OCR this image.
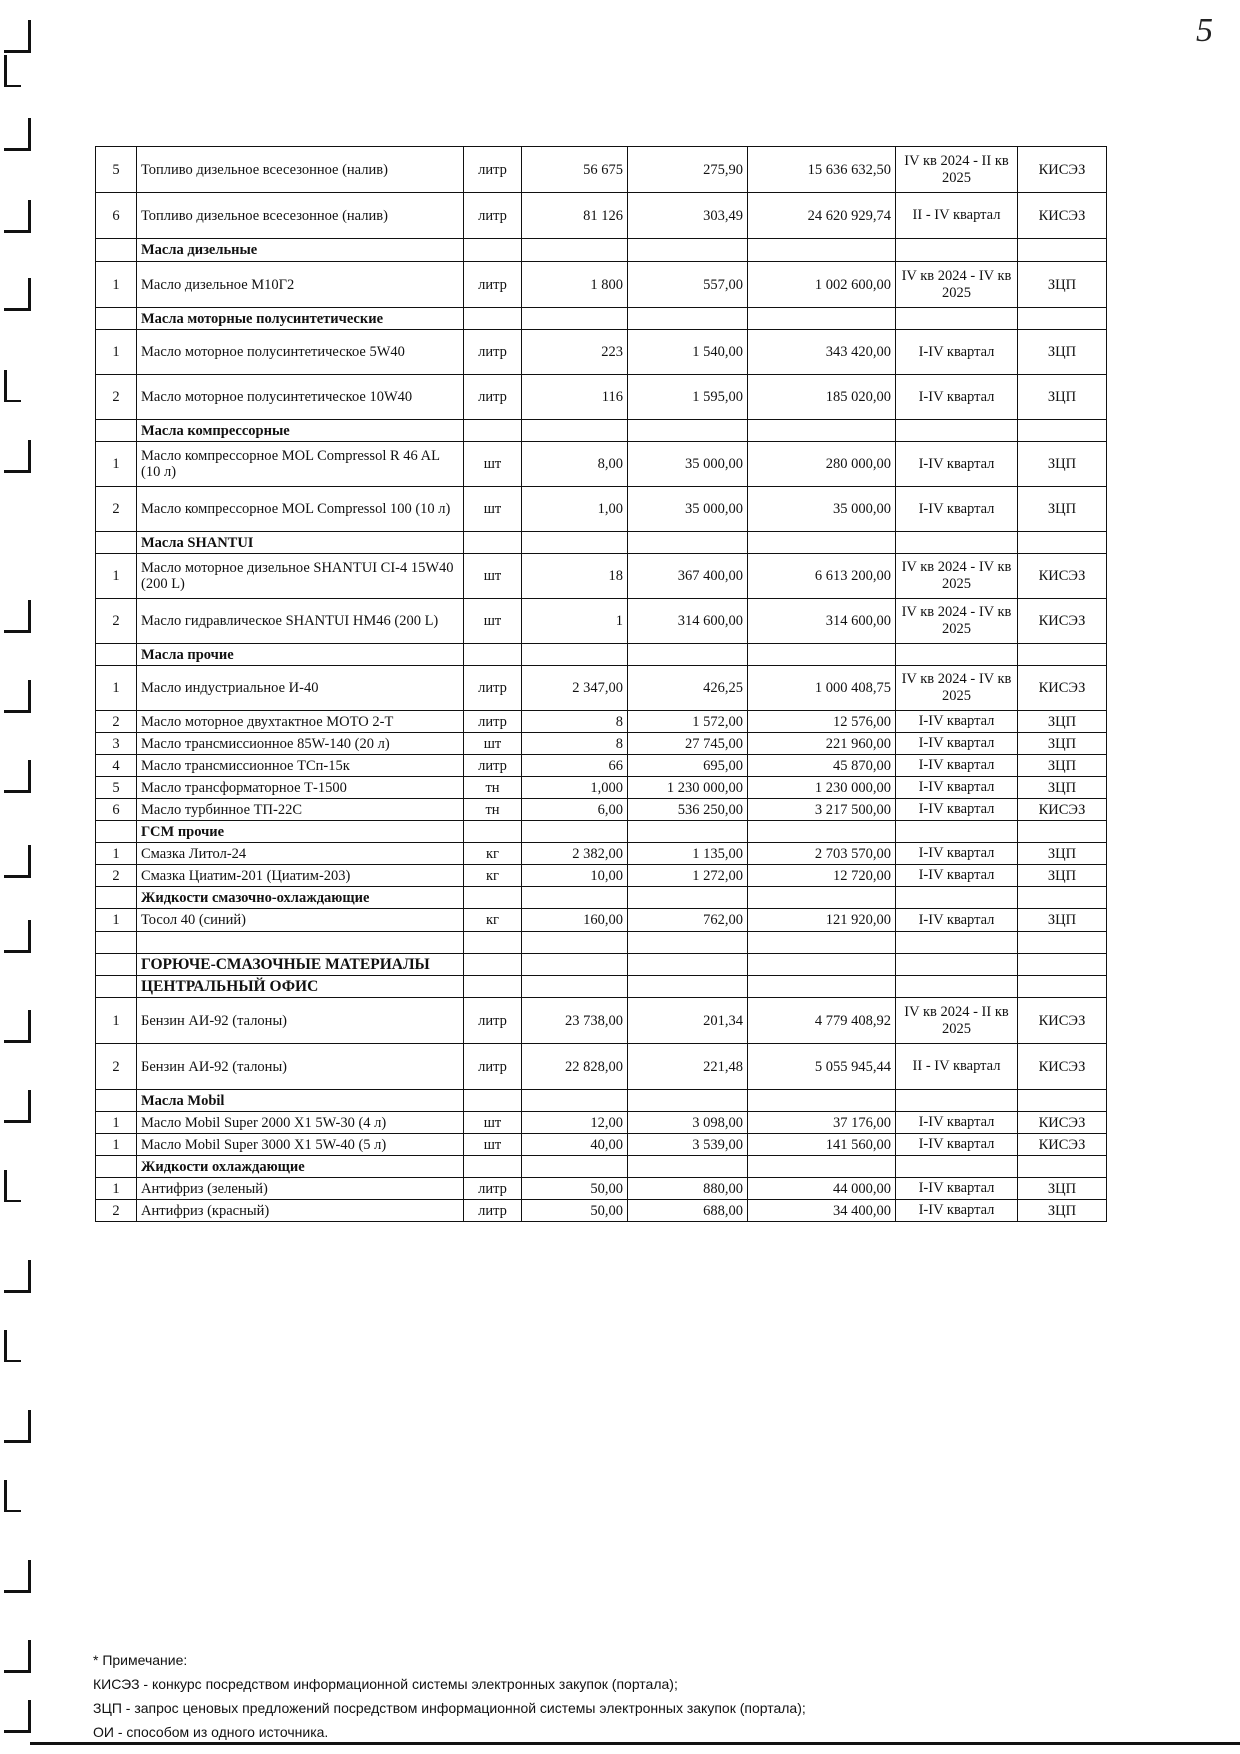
5
5	Топливо дизельное всесезонное (налив)	литр	56 675	275,90	15 636 632,50	IV кв 2024 - II кв 2025	КИСЭЗ
6	Топливо дизельное всесезонное (налив)	литр	81 126	303,49	24 620 929,74	II - IV квартал	КИСЭЗ
	Масла дизельные						
1	Масло дизельное М10Г2	литр	1 800	557,00	1 002 600,00	IV кв 2024 - IV кв 2025	ЗЦП
	Масла моторные полусинтетические						
1	Масло моторное полусинтетическое 5W40	литр	223	1 540,00	343 420,00	I-IV квартал	ЗЦП
2	Масло моторное полусинтетическое 10W40	литр	116	1 595,00	185 020,00	I-IV квартал	ЗЦП
	Масла компрессорные						
1	Масло компрессорное MOL Compressol R 46 AL (10 л)	шт	8,00	35 000,00	280 000,00	I-IV квартал	ЗЦП
2	Масло компрессорное MOL Compressol 100 (10 л)	шт	1,00	35 000,00	35 000,00	I-IV квартал	ЗЦП
	Масла SHANTUI						
1	Масло моторное дизельное SHANTUI CI-4 15W40 (200 L)	шт	18	367 400,00	6 613 200,00	IV кв 2024 - IV кв 2025	КИСЭЗ
2	Масло гидравлическое SHANTUI HM46 (200 L)	шт	1	314 600,00	314 600,00	IV кв 2024 - IV кв 2025	КИСЭЗ
	Масла прочие						
1	Масло индустриальное И-40	литр	2 347,00	426,25	1 000 408,75	IV кв 2024 - IV кв 2025	КИСЭЗ
2	Масло моторное двухтактное МОТО 2-Т	литр	8	1 572,00	12 576,00	I-IV квартал	ЗЦП
3	Масло трансмиссионное 85W-140 (20 л)	шт	8	27 745,00	221 960,00	I-IV квартал	ЗЦП
4	Масло трансмиссионное ТСп-15к	литр	66	695,00	45 870,00	I-IV квартал	ЗЦП
5	Масло трансформаторное Т-1500	тн	1,000	1 230 000,00	1 230 000,00	I-IV квартал	ЗЦП
6	Масло турбинное ТП-22С	тн	6,00	536 250,00	3 217 500,00	I-IV квартал	КИСЭЗ
	ГСМ прочие						
1	Смазка Литол-24	кг	2 382,00	1 135,00	2 703 570,00	I-IV квартал	ЗЦП
2	Смазка Циатим-201 (Циатим-203)	кг	10,00	1 272,00	12 720,00	I-IV квартал	ЗЦП
	Жидкости смазочно-охлаждающие						
1	Тосол 40 (синий)	кг	160,00	762,00	121 920,00	I-IV квартал	ЗЦП

	ГОРЮЧЕ-СМАЗОЧНЫЕ МАТЕРИАЛЫ						
	ЦЕНТРАЛЬНЫЙ ОФИС						
1	Бензин АИ-92 (талоны)	литр	23 738,00	201,34	4 779 408,92	IV кв 2024 - II кв 2025	КИСЭЗ
2	Бензин АИ-92 (талоны)	литр	22 828,00	221,48	5 055 945,44	II - IV квартал	КИСЭЗ
	Масла Mobil						
1	Масло Mobil Super 2000 X1 5W-30 (4 л)	шт	12,00	3 098,00	37 176,00	I-IV квартал	КИСЭЗ
1	Масло Mobil Super 3000 X1 5W-40 (5 л)	шт	40,00	3 539,00	141 560,00	I-IV квартал	КИСЭЗ
	Жидкости охлаждающие						
1	Антифриз (зеленый)	литр	50,00	880,00	44 000,00	I-IV квартал	ЗЦП
2	Антифриз (красный)	литр	50,00	688,00	34 400,00	I-IV квартал	ЗЦП
* Примечание:
КИСЭЗ - конкурс посредством информационной системы электронных закупок (портала);
ЗЦП - запрос ценовых предложений посредством информационной системы электронных закупок (портала);
ОИ - способом из одного источника.
